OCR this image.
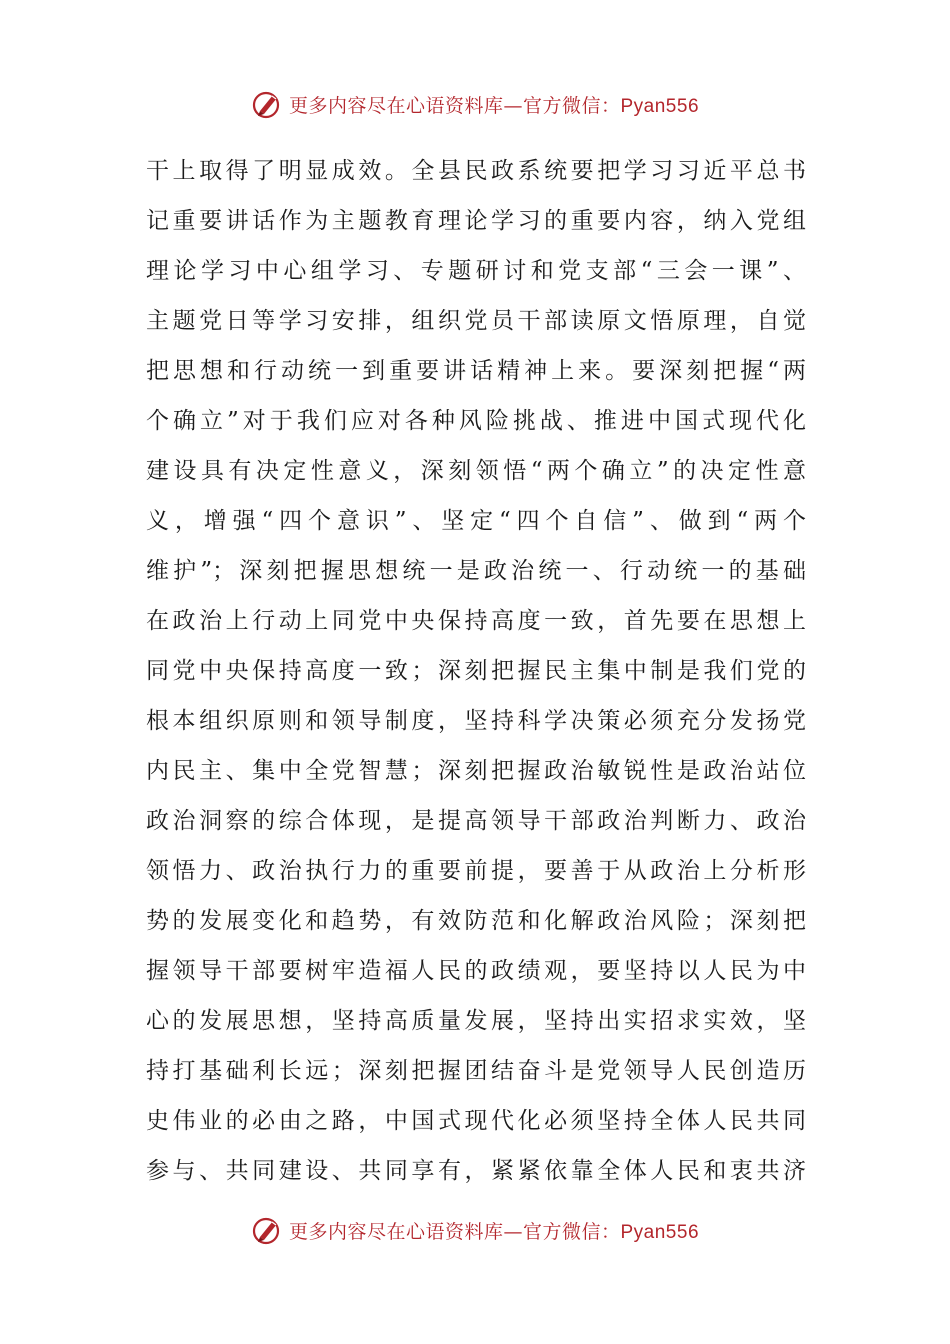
更多内容尽在心语资料库—官方微信：Pyan556
干上取得了明显成效。全县民政系统要把学习习近平总书
记重要讲话作为主题教育理论学习的重要内容，纳入党组
理论学习中心组学习、专题研讨和党支部“三会一课”、
主题党日等学习安排，组织党员干部读原文悟原理，自觉
把思想和行动统一到重要讲话精神上来。要深刻把握“两
个确立”对于我们应对各种风险挑战、推进中国式现代化
建设具有决定性意义，深刻领悟“两个确立”的决定性意
义，增强“四个意识”、坚定“四个自信”、做到“两个
维护”；深刻把握思想统一是政治统一、行动统一的基础
在政治上行动上同党中央保持高度一致，首先要在思想上
同党中央保持高度一致；深刻把握民主集中制是我们党的
根本组织原则和领导制度，坚持科学决策必须充分发扬党
内民主、集中全党智慧；深刻把握政治敏锐性是政治站位
政治洞察的综合体现，是提高领导干部政治判断力、政治
领悟力、政治执行力的重要前提，要善于从政治上分析形
势的发展变化和趋势，有效防范和化解政治风险；深刻把
握领导干部要树牢造福人民的政绩观，要坚持以人民为中
心的发展思想，坚持高质量发展，坚持出实招求实效，坚
持打基础利长远；深刻把握团结奋斗是党领导人民创造历
史伟业的必由之路，中国式现代化必须坚持全体人民共同
参与、共同建设、共同享有，紧紧依靠全体人民和衷共济
更多内容尽在心语资料库—官方微信：Pyan556
